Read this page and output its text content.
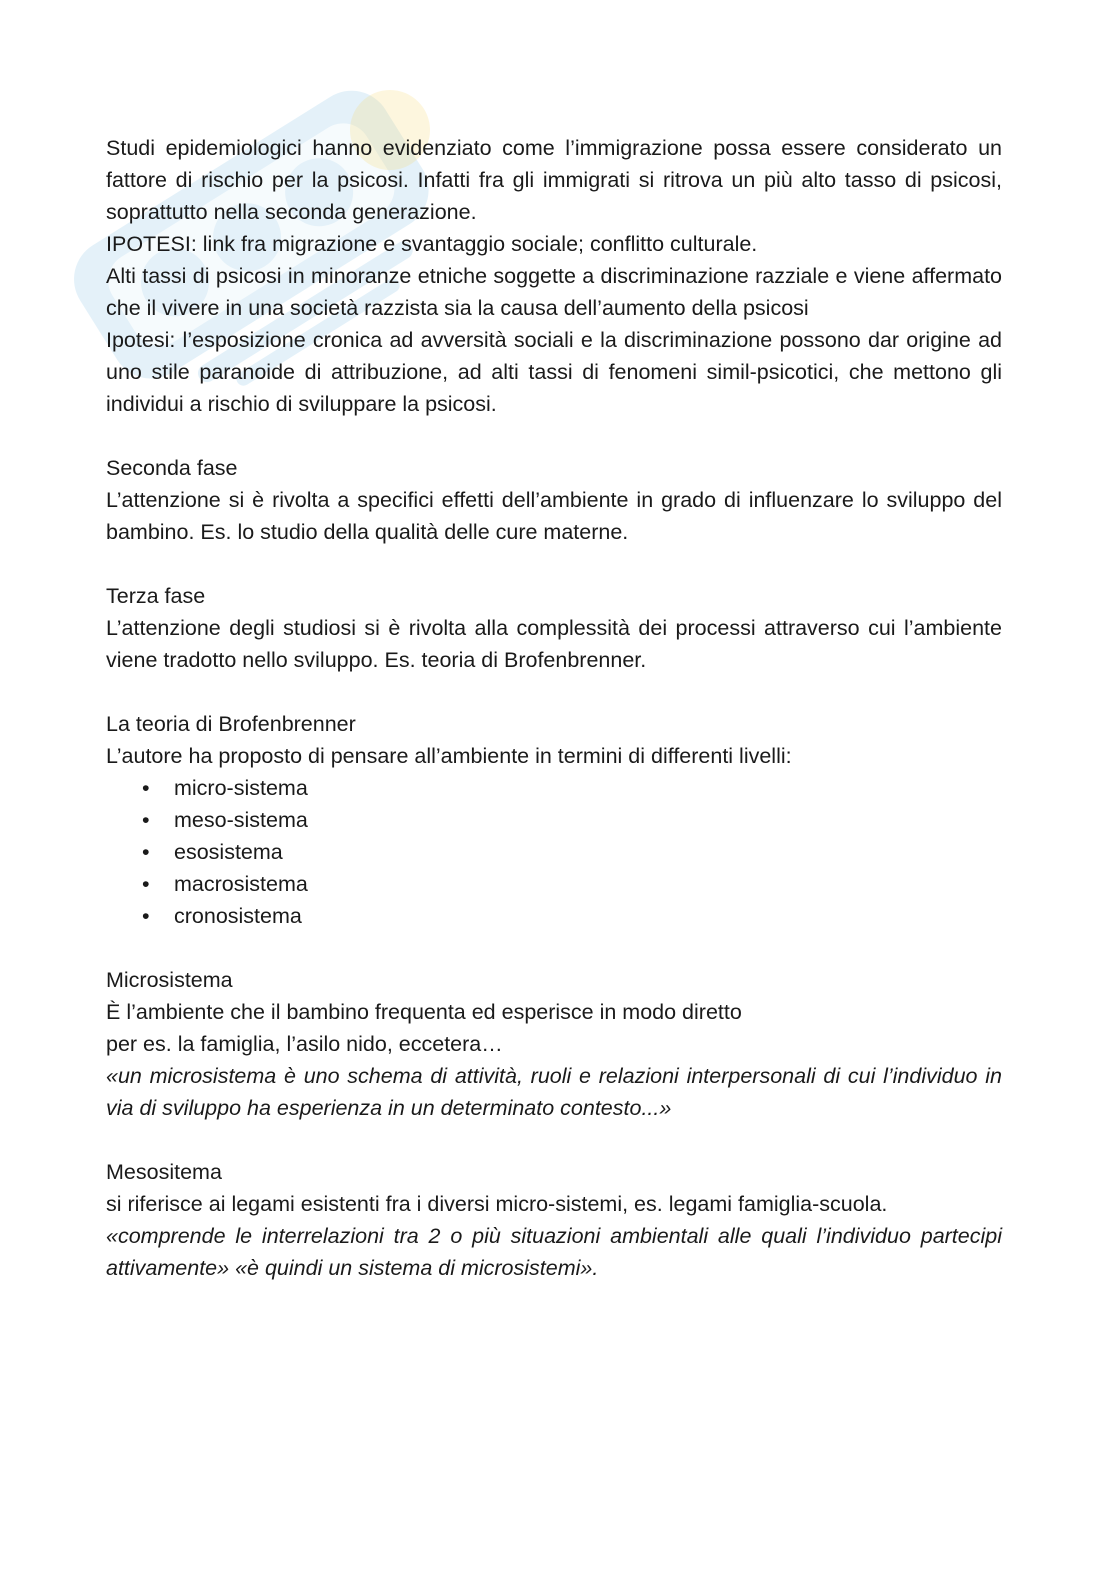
Studi epidemiologici hanno evidenziato come l’immigrazione possa essere considerato un fattore di rischio per la psicosi. Infatti fra gli immigrati si ritrova un più alto tasso di psicosi, soprattutto nella seconda generazione.

IPOTESI: link fra migrazione e svantaggio sociale; conflitto culturale.

Alti tassi di psicosi in minoranze etniche soggette a discriminazione razziale e viene affermato che il vivere in una società razzista sia la causa dell’aumento della psicosi

Ipotesi: l’esposizione cronica ad avversità sociali e la discriminazione possono dar origine ad uno stile paranoide di attribuzione, ad alti tassi di fenomeni simil-psicotici, che mettono gli individui a rischio di sviluppare la psicosi.

Seconda fase

L’attenzione si è rivolta a specifici effetti dell’ambiente in grado di influenzare lo sviluppo del bambino. Es. lo studio della qualità delle cure materne.

Terza fase

L’attenzione degli studiosi si è rivolta alla complessità dei processi attraverso cui l’ambiente viene tradotto nello sviluppo. Es. teoria di Brofenbrenner.

La teoria di Brofenbrenner

L’autore ha proposto di pensare all’ambiente in termini di differenti livelli:

• micro-sistema
• meso-sistema
• esosistema
• macrosistema
• cronosistema

Microsistema

È l’ambiente che il bambino frequenta ed esperisce in modo diretto

per es. la famiglia, l’asilo nido, eccetera…

«un microsistema è uno schema di attività, ruoli e relazioni interpersonali di cui l’individuo in via di sviluppo ha esperienza in un determinato contesto...»

Mesositema

si riferisce ai legami esistenti fra i diversi micro-sistemi, es. legami famiglia-scuola.

«comprende le interrelazioni tra 2 o più situazioni ambientali alle quali l’individuo partecipi attivamente» «è quindi un sistema di microsistemi».
